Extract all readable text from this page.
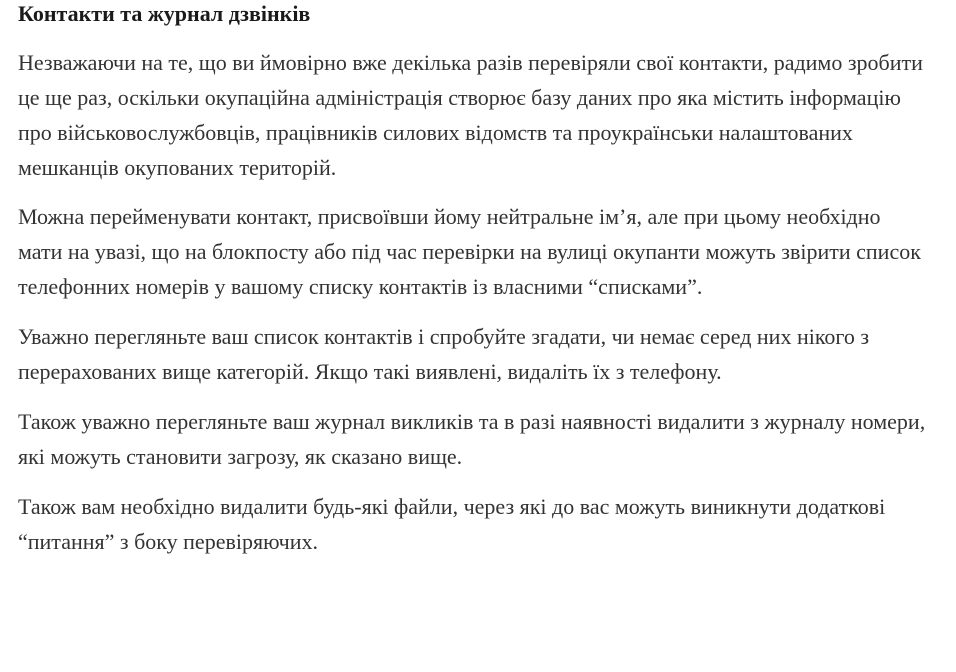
Контакти та журнал дзвінків

Незважаючи на те, що ви ймовірно вже декілька разів перевіряли свої контакти, радимо зробити це ще раз, оскільки окупаційна адміністрація створює базу даних про яка містить інформацію про військовослужбовців, працівників силових відомств та проукраїнськи налаштованих мешканців окупованих територій.

Можна перейменувати контакт, присвоївши йому нейтральне ім’я, але при цьому необхідно мати на увазі, що на блокпосту або під час перевірки на вулиці окупанти можуть звірити список телефонних номерів у вашому списку контактів із власними “списками”.

Уважно перегляньте ваш список контактів і спробуйте згадати, чи немає серед них нікого з перерахованих вище категорій. Якщо такі виявлені, видаліть їх з телефону.

Також уважно перегляньте ваш журнал викликів та в разі наявності видалити з журналу номери, які можуть становити загрозу, як сказано вище.

Також вам необхідно видалити будь-які файли, через які до вас можуть виникнути додаткові “питання” з боку перевіряючих.
